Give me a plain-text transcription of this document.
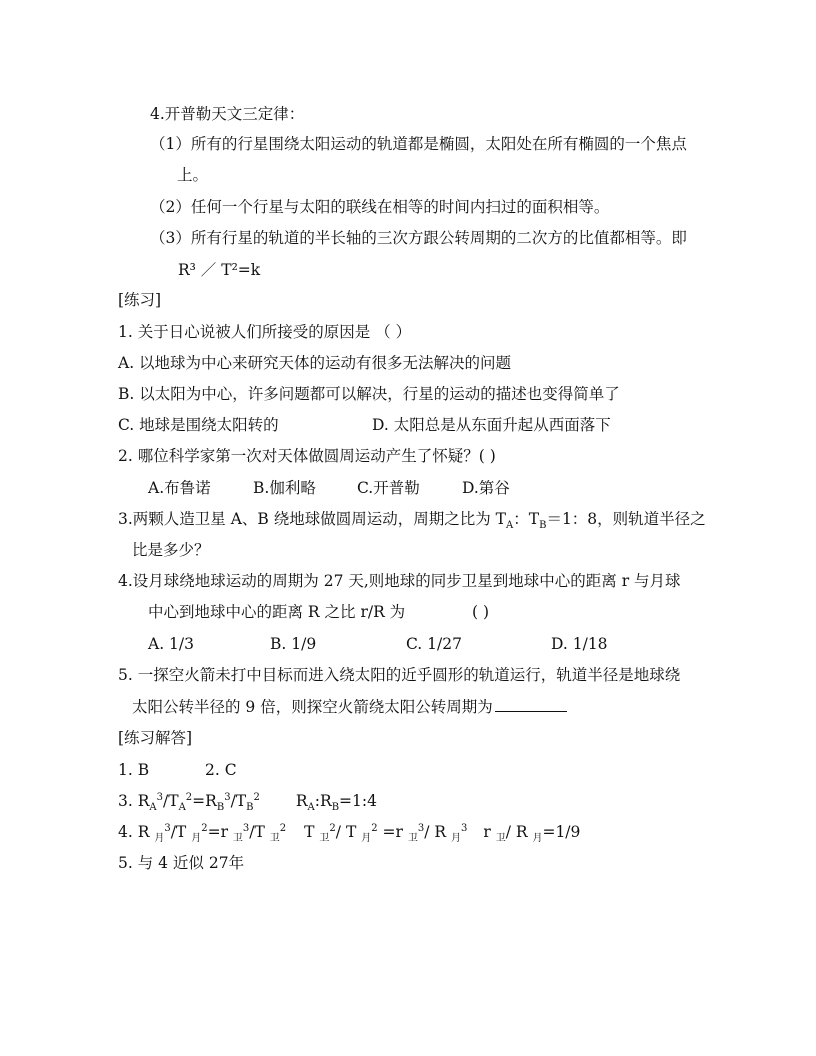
4.开普勒天文三定律：
（1）所有的行星围绕太阳运动的轨道都是椭圆，太阳处在所有椭圆的一个焦点
上。
（2）任何一个行星与太阳的联线在相等的时间内扫过的面积相等。
（3）所有行星的轨道的半长轴的三次方跟公转周期的二次方的比值都相等。即
R³ ／ T²=k
[练习]
1. 关于日心说被人们所接受的原因是 （ ）
A. 以地球为中心来研究天体的运动有很多无法解决的问题
B. 以太阳为中心，许多问题都可以解决，行星的运动的描述也变得简单了
C. 地球是围绕太阳转的	D. 太阳总是从东面升起从西面落下
2. 哪位科学家第一次对天体做圆周运动产生了怀疑？( )
A.布鲁诺	B.伽利略	C.开普勒	D.第谷
3.两颗人造卫星 A、B 绕地球做圆周运动，周期之比为 $T_A$：$T_B=1$：8，则轨道半径之
比是多少？
4.设月球绕地球运动的周期为 27 天,则地球的同步卫星到地球中心的距离 r 与月球
中心到地球中心的距离 R 之比 r/R 为	( )
A. 1/3	B. 1/9	C. 1/27	D. 1/18
5. 一探空火箭未打中目标而进入绕太阳的近乎圆形的轨道运行，轨道半径是地球绕
太阳公转半径的 9 倍，则探空火箭绕太阳公转周期为
[练习解答]
1. B	2. C
3. $R_A^3/T_A^2=R_B^3/T_B^2$ $R_A:R_B=1:4$
4. R $_月^3$/T $_月^2$=r $_卫^3$/T $_卫^2$ T $_卫^2$/ T $_月^2$ =r $_卫^3$/ R $_月^3$ r $_卫$/ R $_月$=1/9
5. 与 4 近似 27年
